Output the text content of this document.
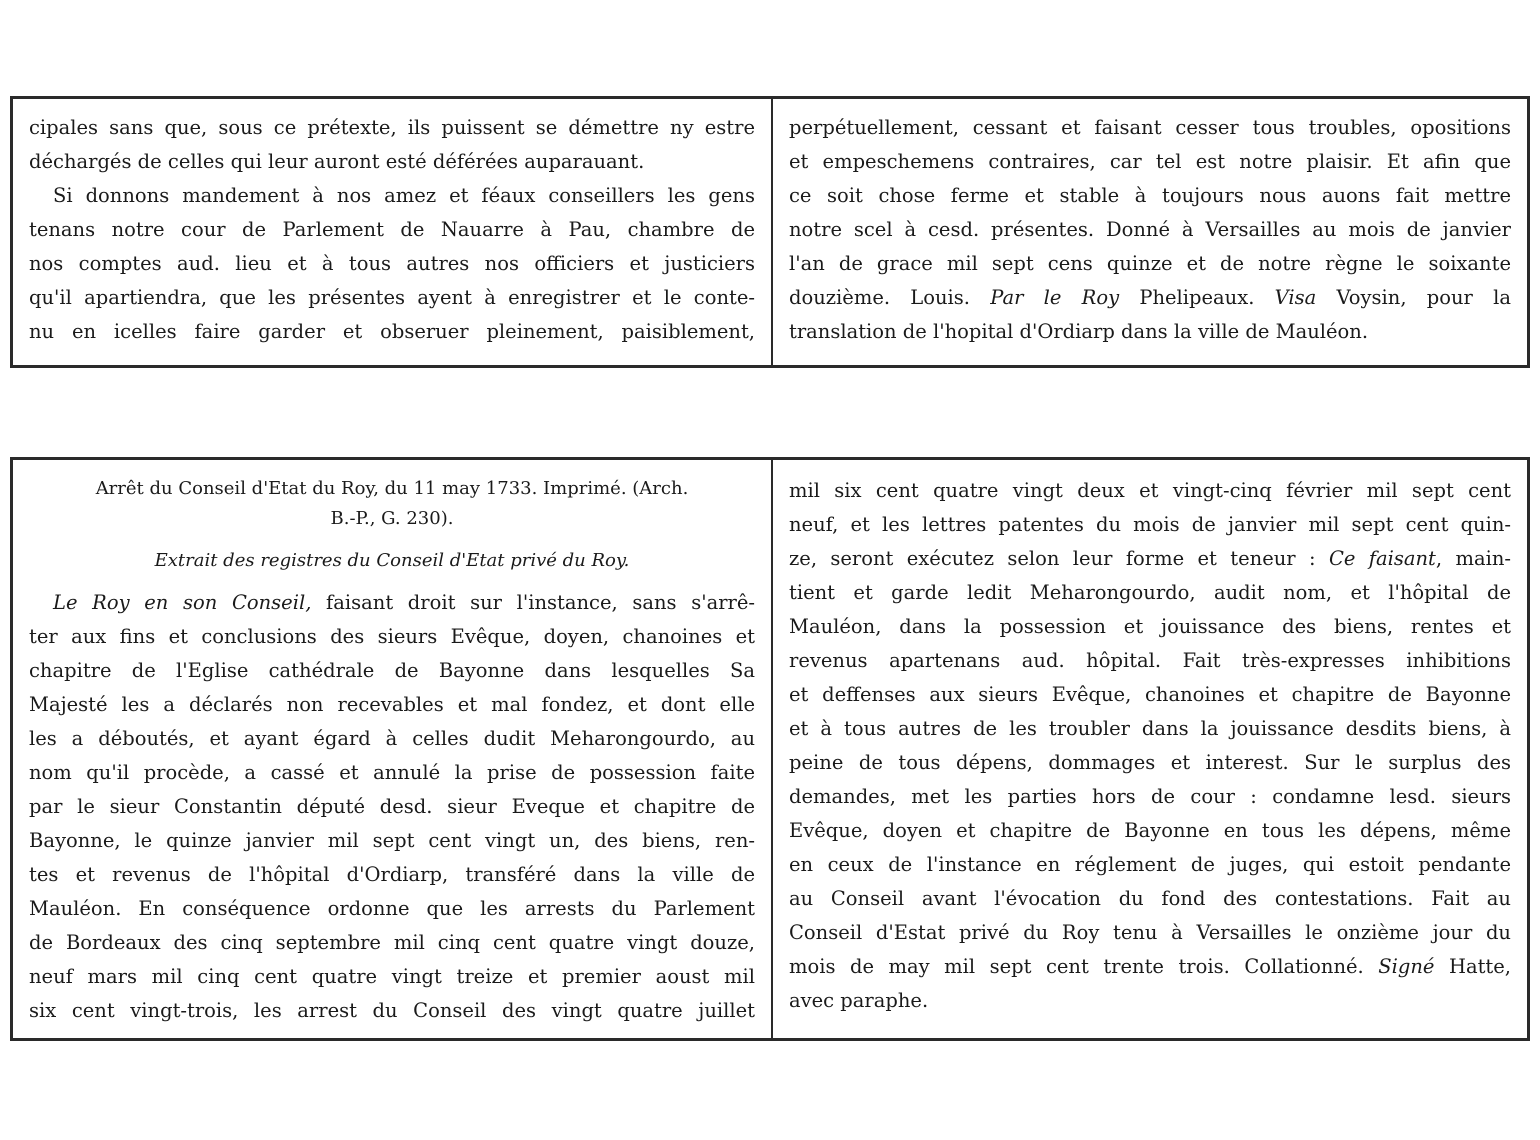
cipales sans que, sous ce prétexte, ils puissent se démettre ny estre
déchargés de celles qui leur auront esté déférées auparauant.
Si donnons mandement à nos amez et féaux conseillers les gens
tenans notre cour de Parlement de Nauarre à Pau, chambre de
nos comptes aud. lieu et à tous autres nos officiers et justiciers
qu'il apartiendra, que les présentes ayent à enregistrer et le conte-
nu en icelles faire garder et obseruer pleinement, paisiblement,
perpétuellement, cessant et faisant cesser tous troubles, opositions
et empeschemens contraires, car tel est notre plaisir. Et afin que
ce soit chose ferme et stable à toujours nous auons fait mettre
notre scel à cesd. présentes. Donné à Versailles au mois de janvier
l'an de grace mil sept cens quinze et de notre règne le soixante
douzième. Louis. Par le Roy Phelipeaux. Visa Voysin, pour la
translation de l'hopital d'Ordiarp dans la ville de Mauléon.
Arrêt du Conseil d'Etat du Roy, du 11 may 1733. Imprimé. (Arch.
B.-P., G. 230).
Extrait des registres du Conseil d'Etat privé du Roy.
Le Roy en son Conseil, faisant droit sur l'instance, sans s'arrê-
ter aux fins et conclusions des sieurs Evêque, doyen, chanoines et
chapitre de l'Eglise cathédrale de Bayonne dans lesquelles Sa
Majesté les a déclarés non recevables et mal fondez, et dont elle
les a déboutés, et ayant égard à celles dudit Meharongourdo, au
nom qu'il procède, a cassé et annulé la prise de possession faite
par le sieur Constantin député desd. sieur Eveque et chapitre de
Bayonne, le quinze janvier mil sept cent vingt un, des biens, ren-
tes et revenus de l'hôpital d'Ordiarp, transféré dans la ville de
Mauléon. En conséquence ordonne que les arrests du Parlement
de Bordeaux des cinq septembre mil cinq cent quatre vingt douze,
neuf mars mil cinq cent quatre vingt treize et premier aoust mil
six cent vingt-trois, les arrest du Conseil des vingt quatre juillet
mil six cent quatre vingt deux et vingt-cinq février mil sept cent
neuf, et les lettres patentes du mois de janvier mil sept cent quin-
ze, seront exécutez selon leur forme et teneur : Ce faisant, main-
tient et garde ledit Meharongourdo, audit nom, et l'hôpital de
Mauléon, dans la possession et jouissance des biens, rentes et
revenus apartenans aud. hôpital. Fait très-expresses inhibitions
et deffenses aux sieurs Evêque, chanoines et chapitre de Bayonne
et à tous autres de les troubler dans la jouissance desdits biens, à
peine de tous dépens, dommages et interest. Sur le surplus des
demandes, met les parties hors de cour : condamne lesd. sieurs
Evêque, doyen et chapitre de Bayonne en tous les dépens, même
en ceux de l'instance en réglement de juges, qui estoit pendante
au Conseil avant l'évocation du fond des contestations. Fait au
Conseil d'Estat privé du Roy tenu à Versailles le onzième jour du
mois de may mil sept cent trente trois. Collationné. Signé Hatte,
avec paraphe.
